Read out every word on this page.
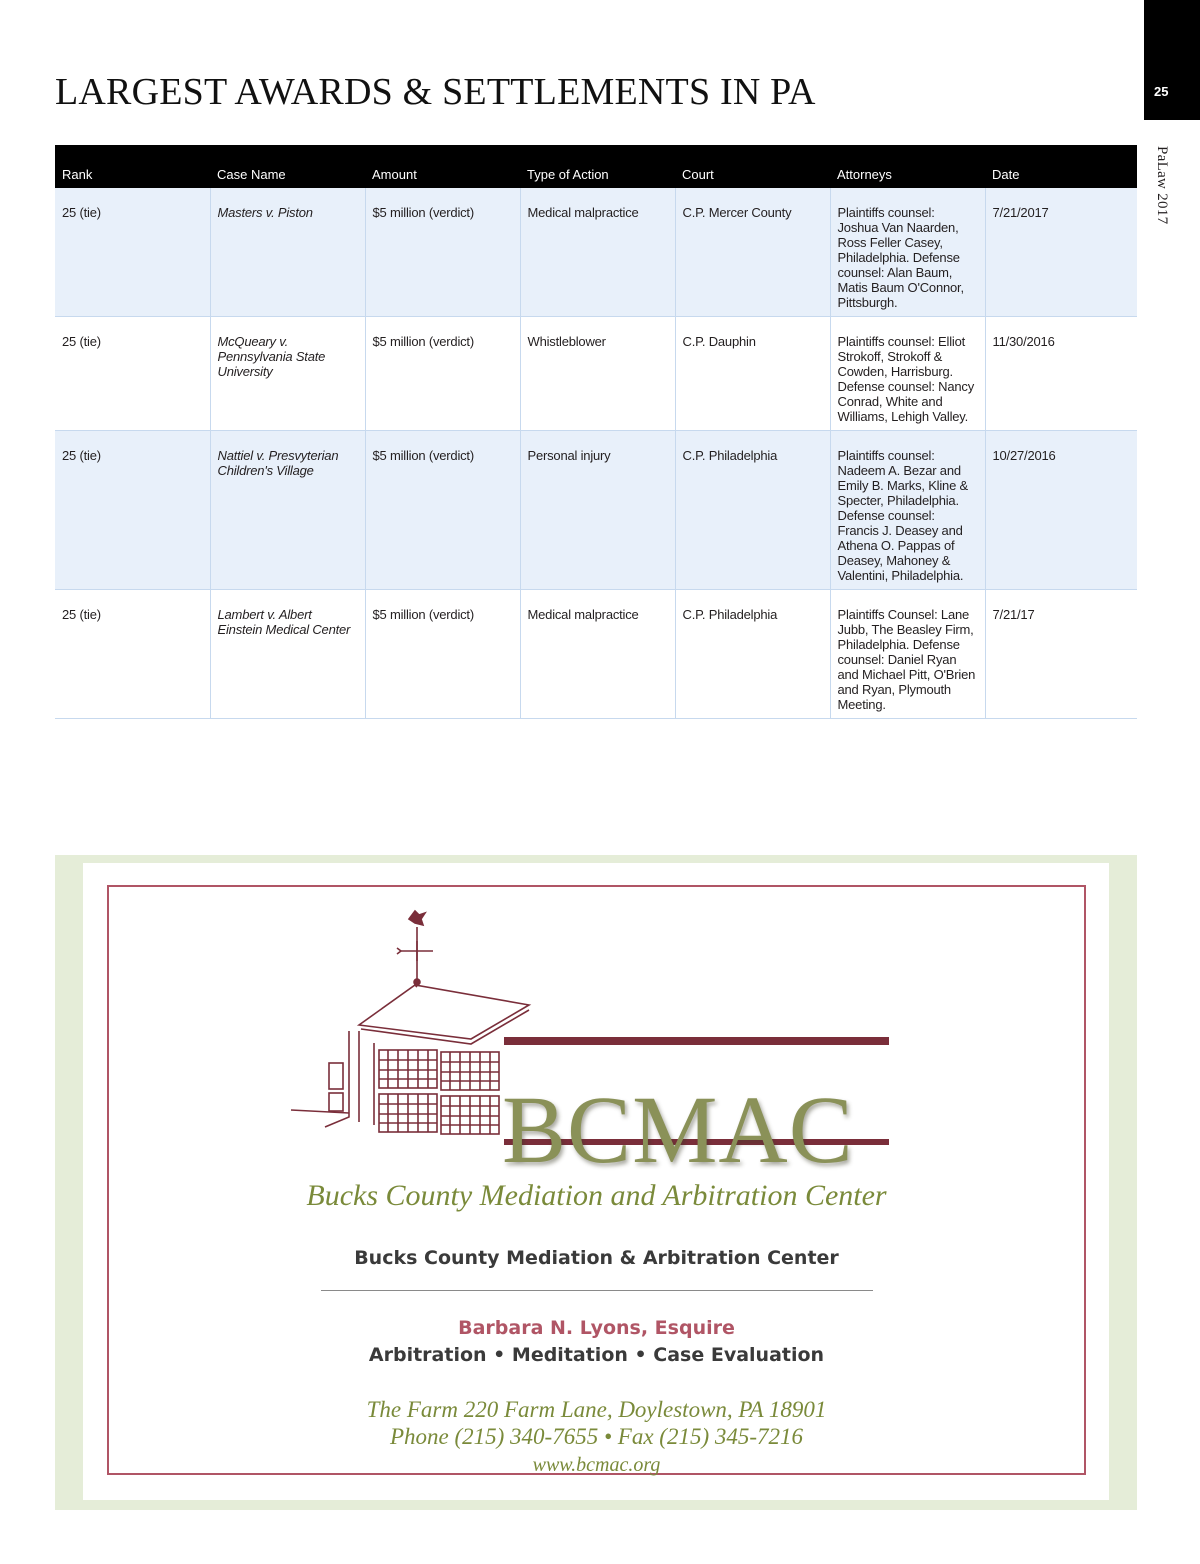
25
PaLaw 2017
LARGEST AWARDS & SETTLEMENTS IN PA
Rank	Case Name	Amount	Type of Action	Court	Attorneys	Date
25 (tie)	Masters v. Piston	$5 million (verdict)	Medical malpractice	C.P. Mercer County	Plaintiffs counsel: Joshua Van Naarden, Ross Feller Casey, Philadelphia. Defense counsel: Alan Baum, Matis Baum O'Connor, Pittsburgh.	7/21/2017
25 (tie)	McQueary v. Pennsylvania State University	$5 million (verdict)	Whistleblower	C.P. Dauphin	Plaintiffs counsel: Elliot Strokoff, Strokoff & Cowden, Harrisburg. Defense counsel: Nancy Conrad, White and Williams, Lehigh Valley.	11/30/2016
25 (tie)	Nattiel v. Presvyterian Children's Village	$5 million (verdict)	Personal injury	C.P. Philadelphia	Plaintiffs counsel: Nadeem A. Bezar and Emily B. Marks, Kline & Specter, Philadelphia. Defense counsel: Francis J. Deasey and Athena O. Pappas of Deasey, Mahoney & Valentini, Philadelphia.	10/27/2016
25 (tie)	Lambert v. Albert Einstein Medical Center	$5 million (verdict)	Medical malpractice	C.P. Philadelphia	Plaintiffs Counsel: Lane Jubb, The Beasley Firm, Philadelphia. Defense counsel: Daniel Ryan and Michael Pitt, O'Brien and Ryan, Plymouth Meeting.	7/21/17

BCMAC

Bucks County Mediation and Arbitration Center
Bucks County Mediation & Arbitration Center
Barbara N. Lyons, Esquire
Arbitration • Meditation • Case Evaluation
The Farm 220 Farm Lane, Doylestown, PA 18901
Phone (215) 340-7655 • Fax (215) 345-7216
www.bcmac.org
